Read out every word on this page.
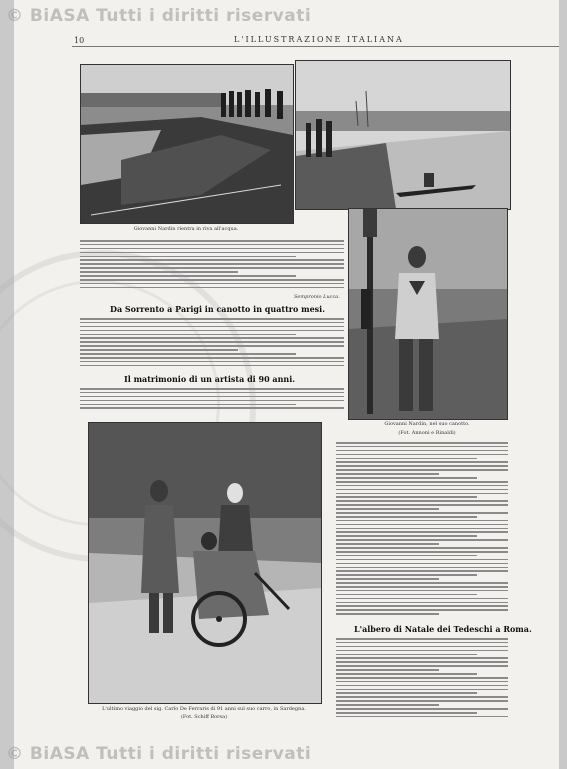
10	L'ILLUSTRAZIONE ITALIANA
Giovanni Nardin rientra in riva all'acqua.
Giovanni Nardin, nel suo canotto.
(Fot. Annoni e Rinaldi)
L'ultimo viaggio del sig. Carlo De Ferraris di 91 anni sul suo carro, in Sardegna.
(Fot. Schiff Borsa)
Sempronio Lucca.
Da Sorrento a Parigi in canotto in quattro mesi.
Il matrimonio di un artista di 90 anni.
L'albero di Natale dei Tedeschi a Roma.
© BiASA Tutti i diritti riservati
© BiASA Tutti i diritti riservati
